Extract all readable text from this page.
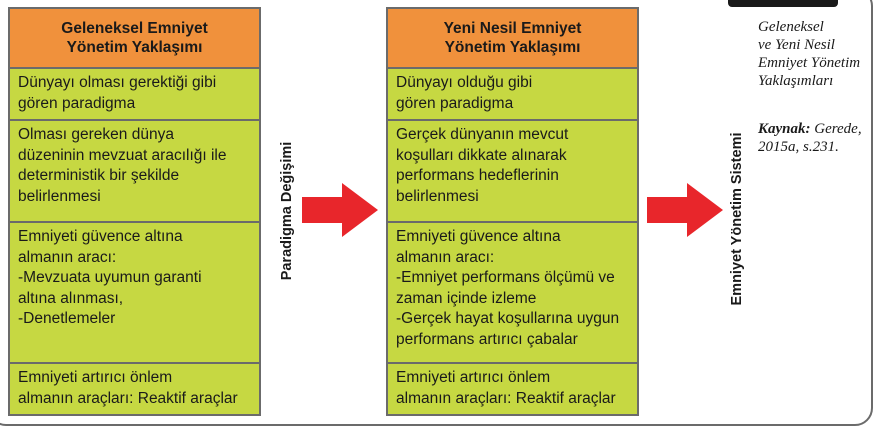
Geleneksel Emniyet
Yönetim Yaklaşımı
Dünyayı olması gerektiği gibi
gören paradigma
Olması gereken dünya
düzeninin mevzuat aracılığı ile
deterministik bir şekilde
belirlenmesi
Emniyeti güvence altına
almanın aracı:
-Mevzuata uyumun garanti
altına alınması,
-Denetlemeler
Emniyeti artırıcı önlem
almanın araçları: Reaktif araçlar
Paradigma Değişimi
Yeni Nesil Emniyet
Yönetim Yaklaşımı
Dünyayı olduğu gibi
gören paradigma
Gerçek dünyanın mevcut
koşulları dikkate alınarak
performans hedeflerinin
belirlenmesi
Emniyeti güvence altına
almanın aracı:
-Emniyet performans ölçümü ve
zaman içinde izleme
-Gerçek hayat koşullarına uygun
performans artırıcı çabalar
Emniyeti artırıcı önlem
almanın araçları: Reaktif araçlar
Emniyet Yönetim Sistemi
Geleneksel
ve Yeni Nesil
Emniyet Yönetim
Yaklaşımları
Kaynak: Gerede,
2015a, s.231.
